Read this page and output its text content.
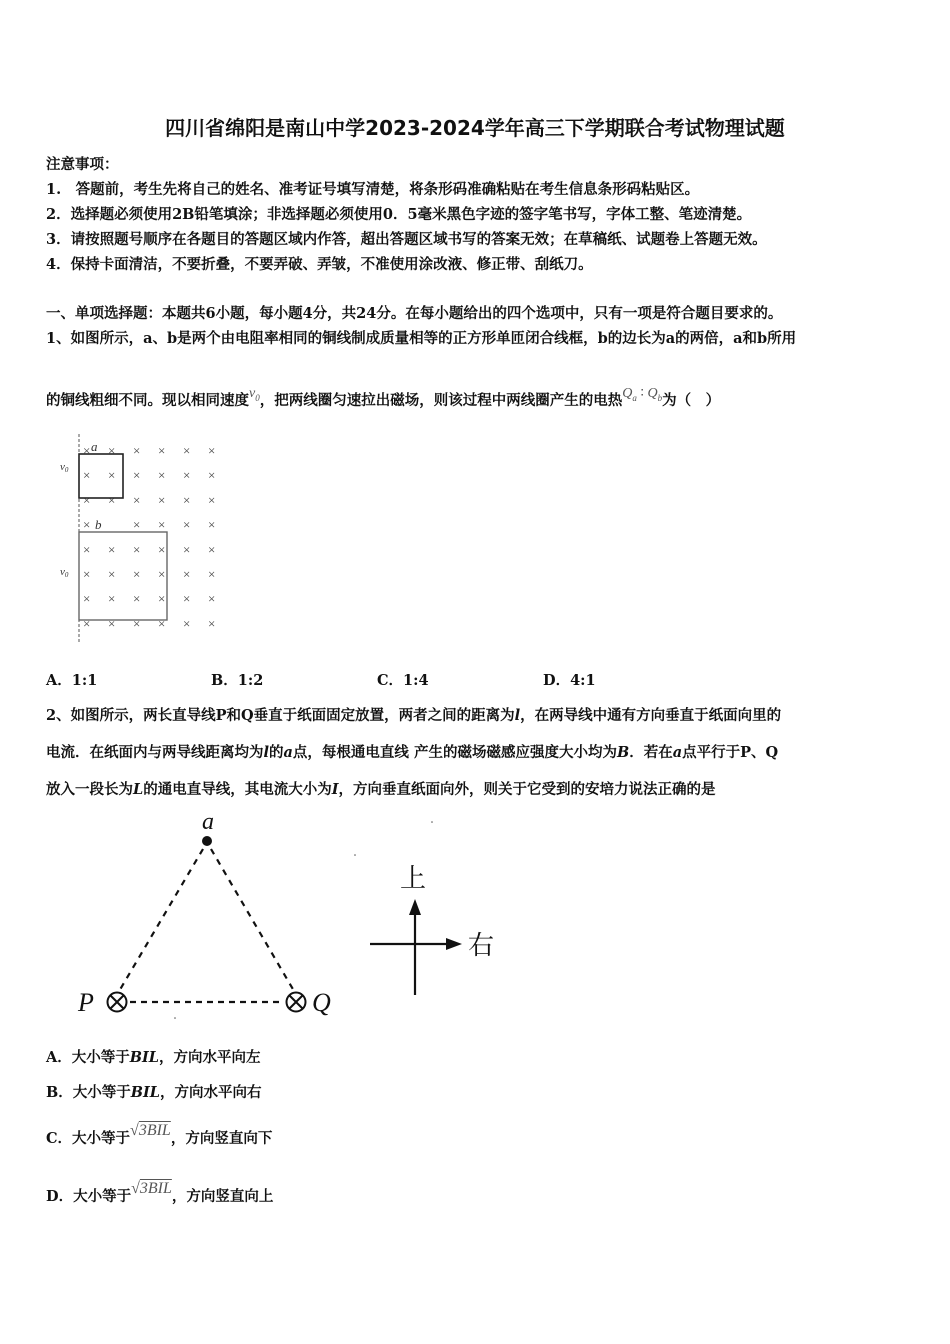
四川省绵阳是南山中学2023-2024学年高三下学期联合考试物理试题
注意事项：
1.　答题前，考生先将自己的姓名、准考证号填写清楚，将条形码准确粘贴在考生信息条形码粘贴区。
2．选择题必须使用2B铅笔填涂；非选择题必须使用0．5毫米黑色字迹的签字笔书写，字体工整、笔迹清楚。
3．请按照题号顺序在各题目的答题区域内作答，超出答题区域书写的答案无效；在草稿纸、试题卷上答题无效。
4．保持卡面清洁，不要折叠，不要弄破、弄皱，不准使用涂改液、修正带、刮纸刀。
一、单项选择题：本题共6小题，每小题4分，共24分。在每小题给出的四个选项中，只有一项是符合题目要求的。
1、如图所示，a、b是两个由电阻率相同的铜线制成质量相等的正方形单匝闭合线框，b的边长为a的两倍，a和b所用
的铜线粗细不同。现以相同速度$v_0$，把两线圈匀速拉出磁场，则该过程中两线圈产生的电热$Q_a$ ∶ $Q_b$为（　）
× × × × × ×
× × × × × ×
× × × × × ×
×	× × × ×
× × × × × ×
× × × × × ×
× × × × × ×
× × × × × ×
a
b
v0
v0
A．1:1	B．1:2	C．1:4	D．4:1
2、如图所示，两长直导线P和Q垂直于纸面固定放置，两者之间的距离为l，在两导线中通有方向垂直于纸面向里的
电流．在纸面内与两导线距离均为l的a点，每根通电直线 产生的磁场磁感应强度大小均为B．若在a点平行于P、Q
放入一段长为L的通电直导线，其电流大小为I，方向垂直纸面向外，则关于它受到的安培力说法正确的是
a
P	Q
上
右
A．大小等于BIL，方向水平向左
B．大小等于BIL，方向水平向右
C．大小等于√3BIL，方向竖直向下
D．大小等于√3BIL，方向竖直向上
